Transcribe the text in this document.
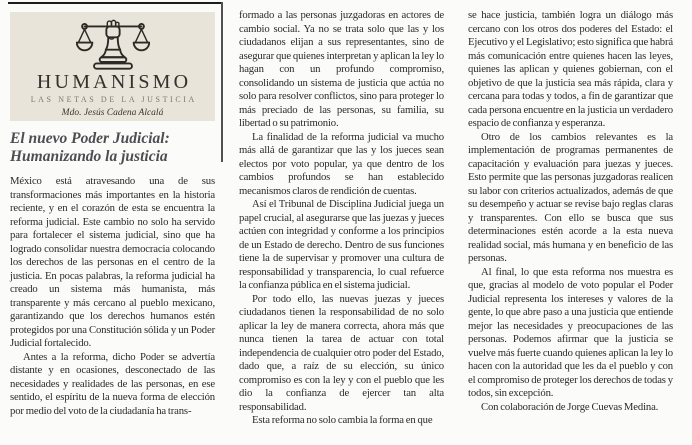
HUMANISMO
LAS NETAS DE LA JUSTICIA
Mdo. Jesús Cadena Alcalá
El nuevo Poder Judicial:
Humanizando la justicia

México está atravesando una de sus transformaciones más importantes en la historia reciente, y en el corazón de esta se encuentra la reforma judicial. Este cambio no solo ha servido para fortalecer el sistema judicial, sino que ha logrado consolidar nuestra democracia colocando los derechos de las personas en el centro de la justicia. En pocas palabras, la reforma judicial ha creado un sistema más humanista, más transparente y más cercano al pueblo mexicano, garantizando que los derechos humanos estén protegidos por una Constitución sólida y un Poder Judicial fortalecido.

Antes a la reforma, dicho Poder se advertía distante y en ocasiones, desconectado de las necesidades y realidades de las personas, en ese sentido, el espíritu de la nueva forma de elección por medio del voto de la ciudadanía ha trans-

formado a las personas juzgadoras en actores de cambio social. Ya no se trata solo que las y los ciudadanos elijan a sus representantes, sino de asegurar que quienes interpretan y aplican la ley lo hagan con un profundo compromiso, consolidando un sistema de justicia que actúa no solo para resolver conflictos, sino para proteger lo más preciado de las personas, su familia, su libertad o su patrimonio.

La finalidad de la reforma judicial va mucho más allá de garantizar que las y los jueces sean electos por voto popular, ya que dentro de los cambios profundos se han establecido mecanismos claros de rendición de cuentas.

Así el Tribunal de Disciplina Judicial juega un papel crucial, al asegurarse que las juezas y jueces actúen con integridad y conforme a los principios de un Estado de derecho. Dentro de sus funciones tiene la de supervisar y promover una cultura de responsabilidad y transparencia, lo cual refuerce la confianza pública en el sistema judicial.

Por todo ello, las nuevas juezas y jueces ciudadanos tienen la responsabilidad de no solo aplicar la ley de manera correcta, ahora más que nunca tienen la tarea de actuar con total independencia de cualquier otro poder del Estado, dado que, a raíz de su elección, su único compromiso es con la ley y con el pueblo que les dio la confianza de ejercer tan alta responsabilidad.

Esta reforma no solo cambia la forma en que

se hace justicia, también logra un diálogo más cercano con los otros dos poderes del Estado: el Ejecutivo y el Legislativo; esto significa que habrá más comunicación entre quienes hacen las leyes, quienes las aplican y quienes gobiernan, con el objetivo de que la justicia sea más rápida, clara y cercana para todas y todos, a fin de garantizar que cada persona encuentre en la justicia un verdadero espacio de confianza y esperanza.

Otro de los cambios relevantes es la implementación de programas permanentes de capacitación y evaluación para juezas y jueces. Esto permite que las personas juzgadoras realicen su labor con criterios actualizados, además de que su desempeño y actuar se revise bajo reglas claras y transparentes. Con ello se busca que sus determinaciones estén acorde a la esta nueva realidad social, más humana y en beneficio de las personas.

Al final, lo que esta reforma nos muestra es que, gracias al modelo de voto popular el Poder Judicial representa los intereses y valores de la gente, lo que abre paso a una justicia que entiende mejor las necesidades y preocupaciones de las personas. Podemos afirmar que la justicia se vuelve más fuerte cuando quienes aplican la ley lo hacen con la autoridad que les da el pueblo y con el compromiso de proteger los derechos de todas y todos, sin excepción.

Con colaboración de Jorge Cuevas Medina.
